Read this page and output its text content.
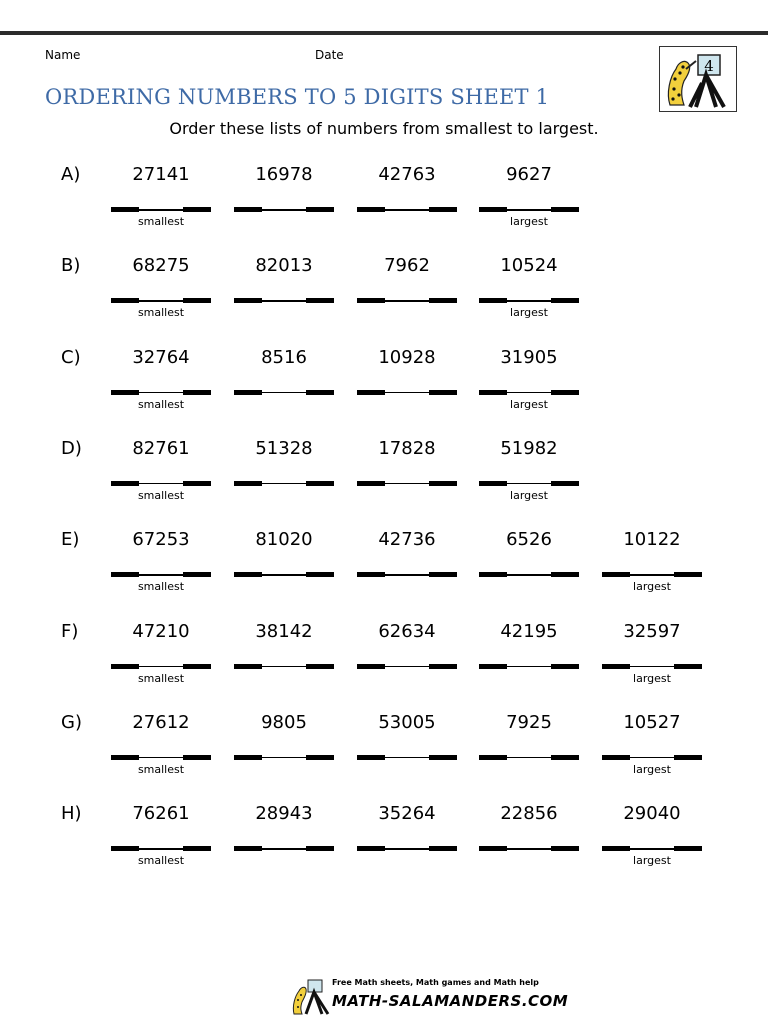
Name	Date
4
ORDERING NUMBERS TO 5 DIGITS SHEET 1
Order these lists of numbers from smallest to largest.
A)	27141
smallest
16978	42763	9627
largest
B)	68275
smallest
82013	7962	10524
largest
C)	32764
smallest
8516	10928	31905
largest
D)	82761
smallest
51328	17828	51982
largest
E)	67253
smallest
81020	42736	6526	10122
largest
F)	47210
smallest
38142	62634	42195	32597
largest
G)	27612
smallest
9805	53005	7925	10527
largest
H)	76261
smallest
28943	35264	22856	29040
largest
Free Math sheets, Math games and Math help
MATH-SALAMANDERS.COM
